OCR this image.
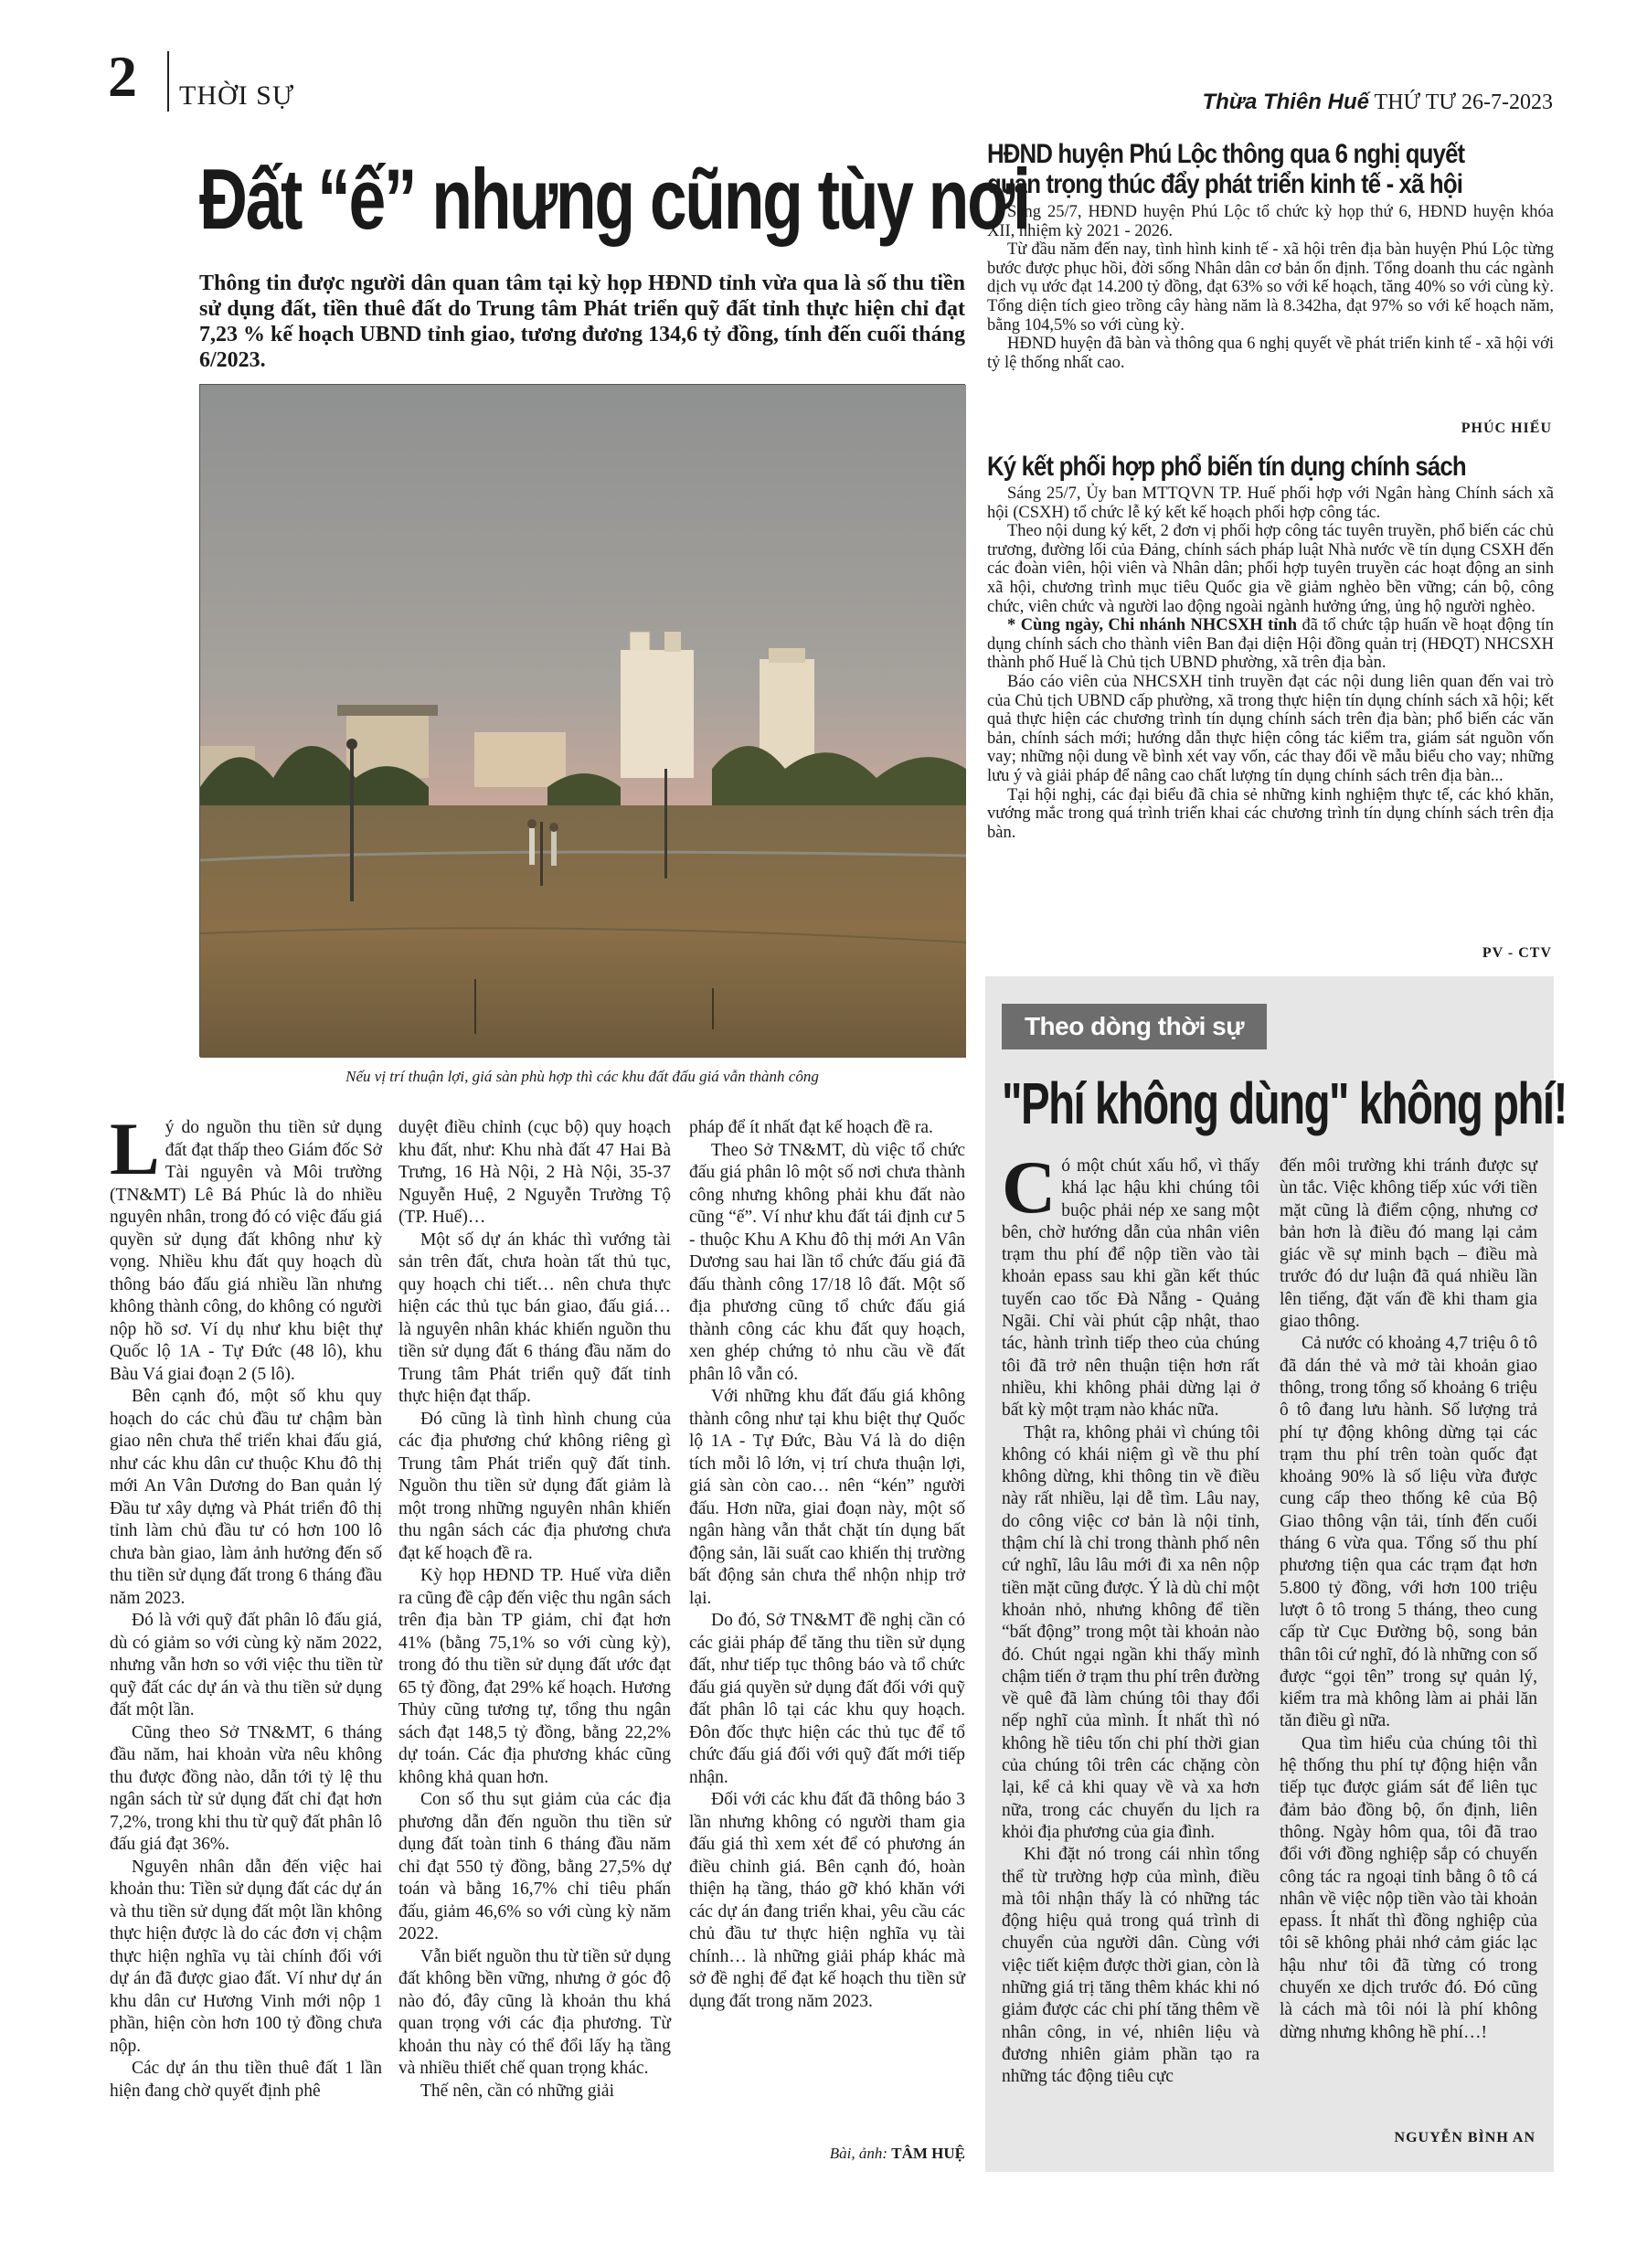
2 THỜI SỰ	Thừa Thiên Huế THỨ TƯ 26-7-2023
Đất “ế” nhưng cũng tùy nơi
Thông tin được người dân quan tâm tại kỳ họp HĐND tỉnh vừa qua là số thu tiền sử dụng đất, tiền thuê đất do Trung tâm Phát triển quỹ đất tỉnh thực hiện chỉ đạt 7,23 % kế hoạch UBND tỉnh giao, tương đương 134,6 tỷ đồng, tính đến cuối tháng 6/2023.
Nếu vị trí thuận lợi, giá sàn phù hợp thì các khu đất đấu giá vẫn thành công

Lý do nguồn thu tiền sử dụng đất đạt thấp theo Giám đốc Sở Tài nguyên và Môi trường (TN&MT) Lê Bá Phúc là do nhiều nguyên nhân, trong đó có việc đấu giá quyền sử dụng đất không như kỳ vọng. Nhiều khu đất quy hoạch dù thông báo đấu giá nhiều lần nhưng không thành công, do không có người nộp hồ sơ. Ví dụ như khu biệt thự Quốc lộ 1A - Tự Đức (48 lô), khu Bàu Vá giai đoạn 2 (5 lô).

Bên cạnh đó, một số khu quy hoạch do các chủ đầu tư chậm bàn giao nên chưa thể triển khai đấu giá, như các khu dân cư thuộc Khu đô thị mới An Vân Dương do Ban quản lý Đầu tư xây dựng và Phát triển đô thị tỉnh làm chủ đầu tư có hơn 100 lô chưa bàn giao, làm ảnh hưởng đến số thu tiền sử dụng đất trong 6 tháng đầu năm 2023.

Đó là với quỹ đất phân lô đấu giá, dù có giảm so với cùng kỳ năm 2022, nhưng vẫn hơn so với việc thu tiền từ quỹ đất các dự án và thu tiền sử dụng đất một lần.

Cũng theo Sở TN&MT, 6 tháng đầu năm, hai khoản vừa nêu không thu được đồng nào, dẫn tới tỷ lệ thu ngân sách từ sử dụng đất chỉ đạt hơn 7,2%, trong khi thu từ quỹ đất phân lô đấu giá đạt 36%.

Nguyên nhân dẫn đến việc hai khoản thu: Tiền sử dụng đất các dự án và thu tiền sử dụng đất một lần không thực hiện được là do các đơn vị chậm thực hiện nghĩa vụ tài chính đối với dự án đã được giao đất. Ví như dự án khu dân cư Hương Vinh mới nộp 1 phần, hiện còn hơn 100 tỷ đồng chưa nộp.

Các dự án thu tiền thuê đất 1 lần hiện đang chờ quyết định phê

duyệt điều chỉnh (cục bộ) quy hoạch khu đất, như: Khu nhà đất 47 Hai Bà Trưng, 16 Hà Nội, 2 Hà Nội, 35-37 Nguyễn Huệ, 2 Nguyễn Trường Tộ (TP. Huế)…

Một số dự án khác thì vướng tài sản trên đất, chưa hoàn tất thủ tục, quy hoạch chi tiết… nên chưa thực hiện các thủ tục bán giao, đấu giá… là nguyên nhân khác khiến nguồn thu tiền sử dụng đất 6 tháng đầu năm do Trung tâm Phát triển quỹ đất tỉnh thực hiện đạt thấp.

Đó cũng là tình hình chung của các địa phương chứ không riêng gì Trung tâm Phát triển quỹ đất tỉnh. Nguồn thu tiền sử dụng đất giảm là một trong những nguyên nhân khiến thu ngân sách các địa phương chưa đạt kế hoạch đề ra.

Kỳ họp HĐND TP. Huế vừa diễn ra cũng đề cập đến việc thu ngân sách trên địa bàn TP giảm, chỉ đạt hơn 41% (bằng 75,1% so với cùng kỳ), trong đó thu tiền sử dụng đất ước đạt 65 tỷ đồng, đạt 29% kế hoạch. Hương Thủy cũng tương tự, tổng thu ngân sách đạt 148,5 tỷ đồng, bằng 22,2% dự toán. Các địa phương khác cũng không khả quan hơn.

Con số thu sụt giảm của các địa phương dẫn đến nguồn thu tiền sử dụng đất toàn tỉnh 6 tháng đầu năm chỉ đạt 550 tỷ đồng, bằng 27,5% dự toán và bằng 16,7% chỉ tiêu phấn đấu, giảm 46,6% so với cùng kỳ năm 2022.

Vẫn biết nguồn thu từ tiền sử dụng đất không bền vững, nhưng ở góc độ nào đó, đây cũng là khoản thu khá quan trọng với các địa phương. Từ khoản thu này có thể đổi lấy hạ tầng và nhiều thiết chế quan trọng khác.

Thế nên, cần có những giải

pháp để ít nhất đạt kế hoạch đề ra.

Theo Sở TN&MT, dù việc tổ chức đấu giá phân lô một số nơi chưa thành công nhưng không phải khu đất nào cũng “ế”. Ví như khu đất tái định cư 5 - thuộc Khu A Khu đô thị mới An Vân Dương sau hai lần tổ chức đấu giá đã đấu thành công 17/18 lô đất. Một số địa phương cũng tổ chức đấu giá thành công các khu đất quy hoạch, xen ghép chứng tỏ nhu cầu về đất phân lô vẫn có.

Với những khu đất đấu giá không thành công như tại khu biệt thự Quốc lộ 1A - Tự Đức, Bàu Vá là do diện tích mỗi lô lớn, vị trí chưa thuận lợi, giá sàn còn cao… nên “kén” người đấu. Hơn nữa, giai đoạn này, một số ngân hàng vẫn thắt chặt tín dụng bất động sản, lãi suất cao khiến thị trường bất động sản chưa thể nhộn nhịp trở lại.

Do đó, Sở TN&MT đề nghị cần có các giải pháp để tăng thu tiền sử dụng đất, như tiếp tục thông báo và tổ chức đấu giá quyền sử dụng đất đối với quỹ đất phân lô tại các khu quy hoạch. Đôn đốc thực hiện các thủ tục để tổ chức đấu giá đối với quỹ đất mới tiếp nhận.

Đối với các khu đất đã thông báo 3 lần nhưng không có người tham gia đấu giá thì xem xét để có phương án điều chỉnh giá. Bên cạnh đó, hoàn thiện hạ tầng, tháo gỡ khó khăn với các dự án đang triển khai, yêu cầu các chủ đầu tư thực hiện nghĩa vụ tài chính… là những giải pháp khác mà sở đề nghị để đạt kế hoạch thu tiền sử dụng đất trong năm 2023.

Bài, ảnh: TÂM HUỆ
HĐND huyện Phú Lộc thông qua 6 nghị quyết
quan trọng thúc đẩy phát triển kinh tế - xã hội

Sáng 25/7, HĐND huyện Phú Lộc tổ chức kỳ họp thứ 6, HĐND huyện khóa XII, nhiệm kỳ 2021 - 2026.

Từ đầu năm đến nay, tình hình kinh tế - xã hội trên địa bàn huyện Phú Lộc từng bước được phục hồi, đời sống Nhân dân cơ bản ổn định. Tổng doanh thu các ngành dịch vụ ước đạt 14.200 tỷ đồng, đạt 63% so với kế hoạch, tăng 40% so với cùng kỳ. Tổng diện tích gieo trồng cây hàng năm là 8.342ha, đạt 97% so với kế hoạch năm, bằng 104,5% so với cùng kỳ.

HĐND huyện đã bàn và thông qua 6 nghị quyết về phát triển kinh tế - xã hội với tỷ lệ thống nhất cao.

PHÚC HIẾU
Ký kết phối hợp phổ biến tín dụng chính sách

Sáng 25/7, Ủy ban MTTQVN TP. Huế phối hợp với Ngân hàng Chính sách xã hội (CSXH) tổ chức lễ ký kết kế hoạch phối hợp công tác.

Theo nội dung ký kết, 2 đơn vị phối hợp công tác tuyên truyền, phổ biến các chủ trương, đường lối của Đảng, chính sách pháp luật Nhà nước về tín dụng CSXH đến các đoàn viên, hội viên và Nhân dân; phối hợp tuyên truyền các hoạt động an sinh xã hội, chương trình mục tiêu Quốc gia về giảm nghèo bền vững; cán bộ, công chức, viên chức và người lao động ngoài ngành hưởng ứng, ủng hộ người nghèo.

* Cùng ngày, Chi nhánh NHCSXH tỉnh đã tổ chức tập huấn về hoạt động tín dụng chính sách cho thành viên Ban đại diện Hội đồng quản trị (HĐQT) NHCSXH thành phố Huế là Chủ tịch UBND phường, xã trên địa bàn.

Báo cáo viên của NHCSXH tỉnh truyền đạt các nội dung liên quan đến vai trò của Chủ tịch UBND cấp phường, xã trong thực hiện tín dụng chính sách xã hội; kết quả thực hiện các chương trình tín dụng chính sách trên địa bàn; phổ biến các văn bản, chính sách mới; hướng dẫn thực hiện công tác kiểm tra, giám sát nguồn vốn vay; những nội dung về bình xét vay vốn, các thay đổi về mẫu biểu cho vay; những lưu ý và giải pháp để nâng cao chất lượng tín dụng chính sách trên địa bàn...

Tại hội nghị, các đại biểu đã chia sẻ những kinh nghiệm thực tế, các khó khăn, vướng mắc trong quá trình triển khai các chương trình tín dụng chính sách trên địa bàn.

PV - CTV
Theo dòng thời sự
"Phí không dùng" không phí!

Có một chút xấu hổ, vì thấy khá lạc hậu khi chúng tôi buộc phải nép xe sang một bên, chờ hướng dẫn của nhân viên trạm thu phí để nộp tiền vào tài khoản epass sau khi gần kết thúc tuyến cao tốc Đà Nẵng - Quảng Ngãi. Chỉ vài phút cập nhật, thao tác, hành trình tiếp theo của chúng tôi đã trở nên thuận tiện hơn rất nhiều, khi không phải dừng lại ở bất kỳ một trạm nào khác nữa.

Thật ra, không phải vì chúng tôi không có khái niệm gì về thu phí không dừng, khi thông tin về điều này rất nhiều, lại dễ tìm. Lâu nay, do công việc cơ bản là nội tỉnh, thậm chí là chỉ trong thành phố nên cứ nghĩ, lâu lâu mới đi xa nên nộp tiền mặt cũng được. Ý là dù chỉ một khoản nhỏ, nhưng không để tiền “bất động” trong một tài khoản nào đó. Chút ngại ngần khi thấy mình chậm tiến ở trạm thu phí trên đường về quê đã làm chúng tôi thay đổi nếp nghĩ của mình. Ít nhất thì nó không hề tiêu tốn chi phí thời gian của chúng tôi trên các chặng còn lại, kể cả khi quay về và xa hơn nữa, trong các chuyến du lịch ra khỏi địa phương của gia đình.

Khi đặt nó trong cái nhìn tổng thể từ trường hợp của mình, điều mà tôi nhận thấy là có những tác động hiệu quả trong quá trình di chuyển của người dân. Cùng với việc tiết kiệm được thời gian, còn là những giá trị tăng thêm khác khi nó giảm được các chi phí tăng thêm về nhân công, in vé, nhiên liệu và đương nhiên giảm phần tạo ra những tác động tiêu cực

đến môi trường khi tránh được sự ùn tắc. Việc không tiếp xúc với tiền mặt cũng là điểm cộng, nhưng cơ bản hơn là điều đó mang lại cảm giác về sự minh bạch – điều mà trước đó dư luận đã quá nhiều lần lên tiếng, đặt vấn đề khi tham gia giao thông.

Cả nước có khoảng 4,7 triệu ô tô đã dán thẻ và mở tài khoản giao thông, trong tổng số khoảng 6 triệu ô tô đang lưu hành. Số lượng trả phí tự động không dừng tại các trạm thu phí trên toàn quốc đạt khoảng 90% là số liệu vừa được cung cấp theo thống kê của Bộ Giao thông vận tải, tính đến cuối tháng 6 vừa qua. Tổng số thu phí phương tiện qua các trạm đạt hơn 5.800 tỷ đồng, với hơn 100 triệu lượt ô tô trong 5 tháng, theo cung cấp từ Cục Đường bộ, song bản thân tôi cứ nghĩ, đó là những con số được “gọi tên” trong sự quản lý, kiểm tra mà không làm ai phải lăn tăn điều gì nữa.

Qua tìm hiểu của chúng tôi thì hệ thống thu phí tự động hiện vẫn tiếp tục được giám sát để liên tục đảm bảo đồng bộ, ổn định, liên thông. Ngày hôm qua, tôi đã trao đổi với đồng nghiệp sắp có chuyến công tác ra ngoại tỉnh bằng ô tô cá nhân về việc nộp tiền vào tài khoản epass. Ít nhất thì đồng nghiệp của tôi sẽ không phải nhớ cảm giác lạc hậu như tôi đã từng có trong chuyến xe dịch trước đó. Đó cũng là cách mà tôi nói là phí không dừng nhưng không hề phí…!

NGUYỄN BÌNH AN
